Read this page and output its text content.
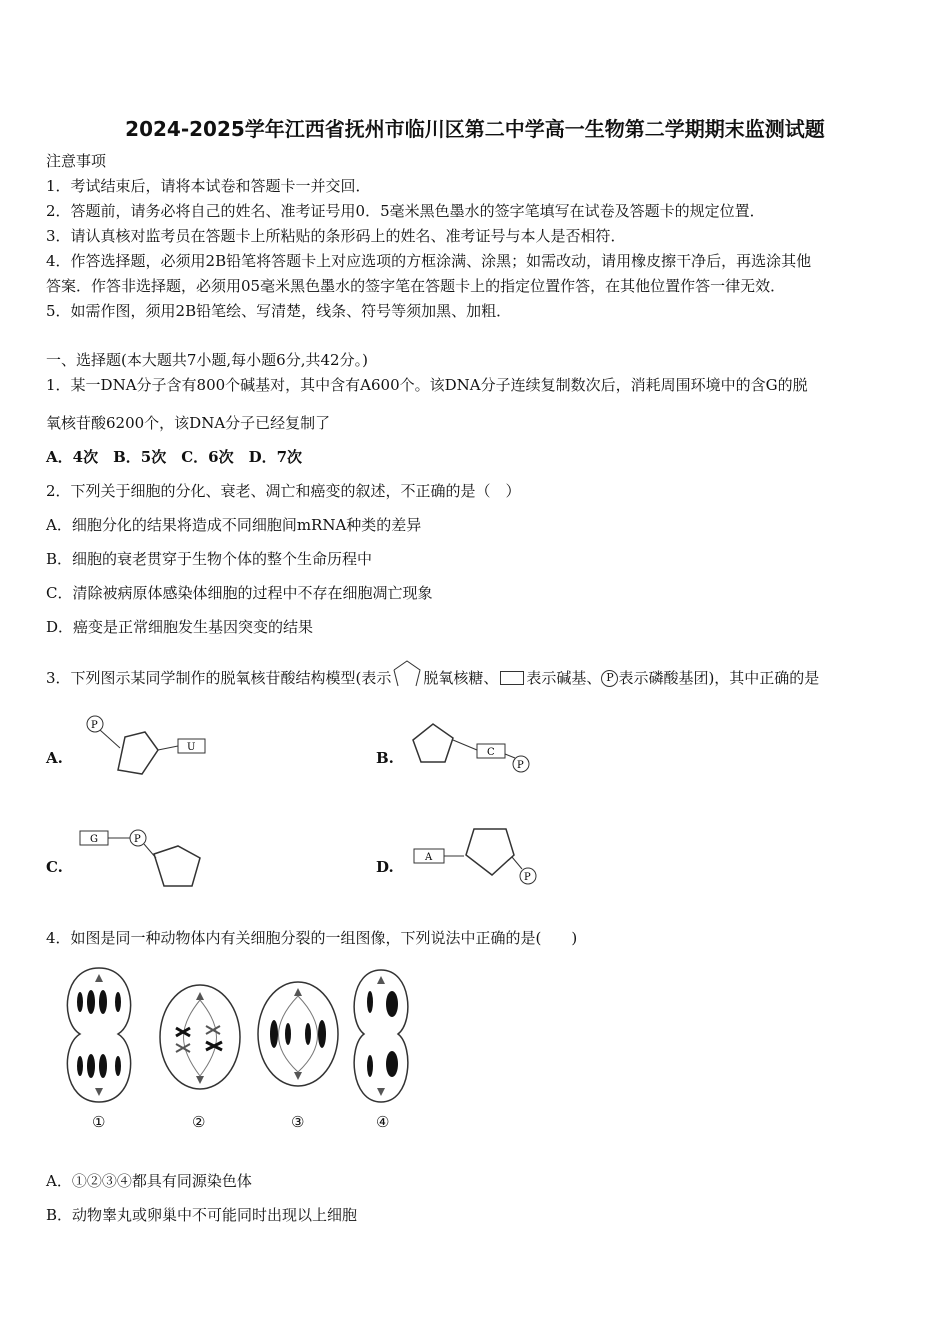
2024-2025学年江西省抚州市临川区第二中学高一生物第二学期期末监测试题
注意事项
1．考试结束后，请将本试卷和答题卡一并交回．
2．答题前，请务必将自己的姓名、准考证号用0．5毫米黑色墨水的签字笔填写在试卷及答题卡的规定位置．
3．请认真核对监考员在答题卡上所粘贴的条形码上的姓名、准考证号与本人是否相符．
4．作答选择题，必须用2B铅笔将答题卡上对应选项的方框涂满、涂黑；如需改动，请用橡皮擦干净后，再选涂其他
答案．作答非选择题，必须用05毫米黑色墨水的签字笔在答题卡上的指定位置作答，在其他位置作答一律无效．
5．如需作图，须用2B铅笔绘、写清楚，线条、符号等须加黑、加粗．
一、选择题(本大题共7小题,每小题6分,共42分。)
1．某一DNA分子含有800个碱基对，其中含有A600个。该DNA分子连续复制数次后，消耗周围环境中的含G的脱
氧核苷酸6200个，该DNA分子已经复制了
A．4次　B．5次　C．6次　D．7次
2．下列关于细胞的分化、衰老、凋亡和癌变的叙述，不正确的是（　）
A．细胞分化的结果将造成不同细胞间mRNA种类的差异
B．细胞的衰老贯穿于生物个体的整个生命历程中
C．清除被病原体感染体细胞的过程中不存在细胞凋亡现象
D．癌变是正常细胞发生基因突变的结果
3．下列图示某同学制作的脱氧核苷酸结构模型(表示 脱氧核糖、 表示碱基、 P 表示磷酸基团)，其中正确的是
A.
P
U
B.	C
P
C.
G	P
D.
A
P
4．如图是同一种动物体内有关细胞分裂的一组图像，下列说法中正确的是(　　)
①	②	③	④
A．①②③④都具有同源染色体
B．动物睾丸或卵巢中不可能同时出现以上细胞
